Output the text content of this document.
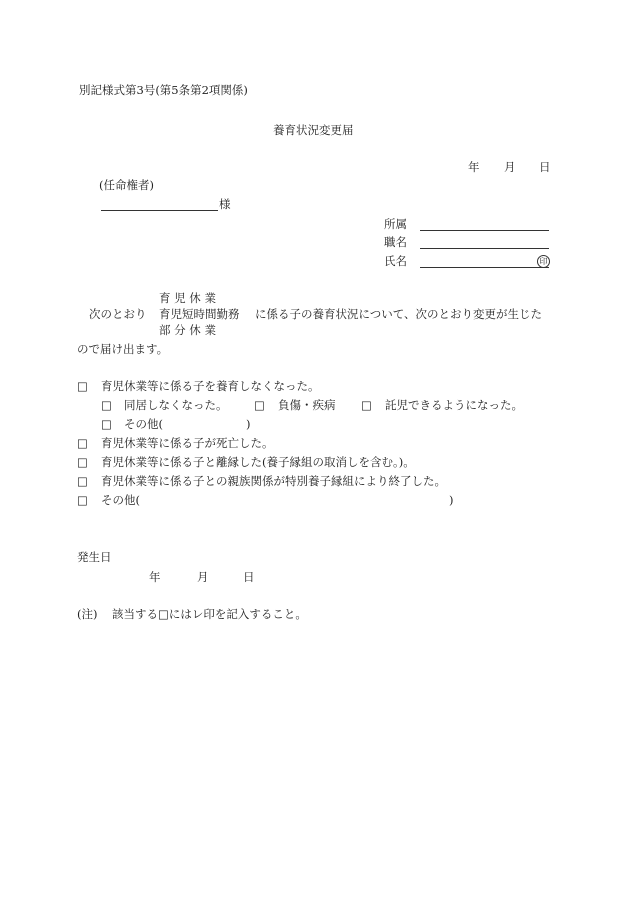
別記様式第3号(第5条第2項関係)
養育状況変更届
年 月 日
(任命権者)
様
所属
職名
氏名	印
育 児 休 業
次のとおり 育児短時間勤務 に係る子の養育状況について、次のとおり変更が生じた
部 分 休 業
ので届け出ます。
□ 育児休業等に係る子を養育しなくなった。
□ 同居しなくなった。 □ 負傷・疾病 □ 託児できるようになった。
□ その他(	)
□ 育児休業等に係る子が死亡した。
□ 育児休業等に係る子と離縁した(養子縁組の取消しを含む。)。
□ 育児休業等に係る子との親族関係が特別養子縁組により終了した。
□ その他(	)
発生日
年	月	日
(注) 該当する□にはレ印を記入すること。
